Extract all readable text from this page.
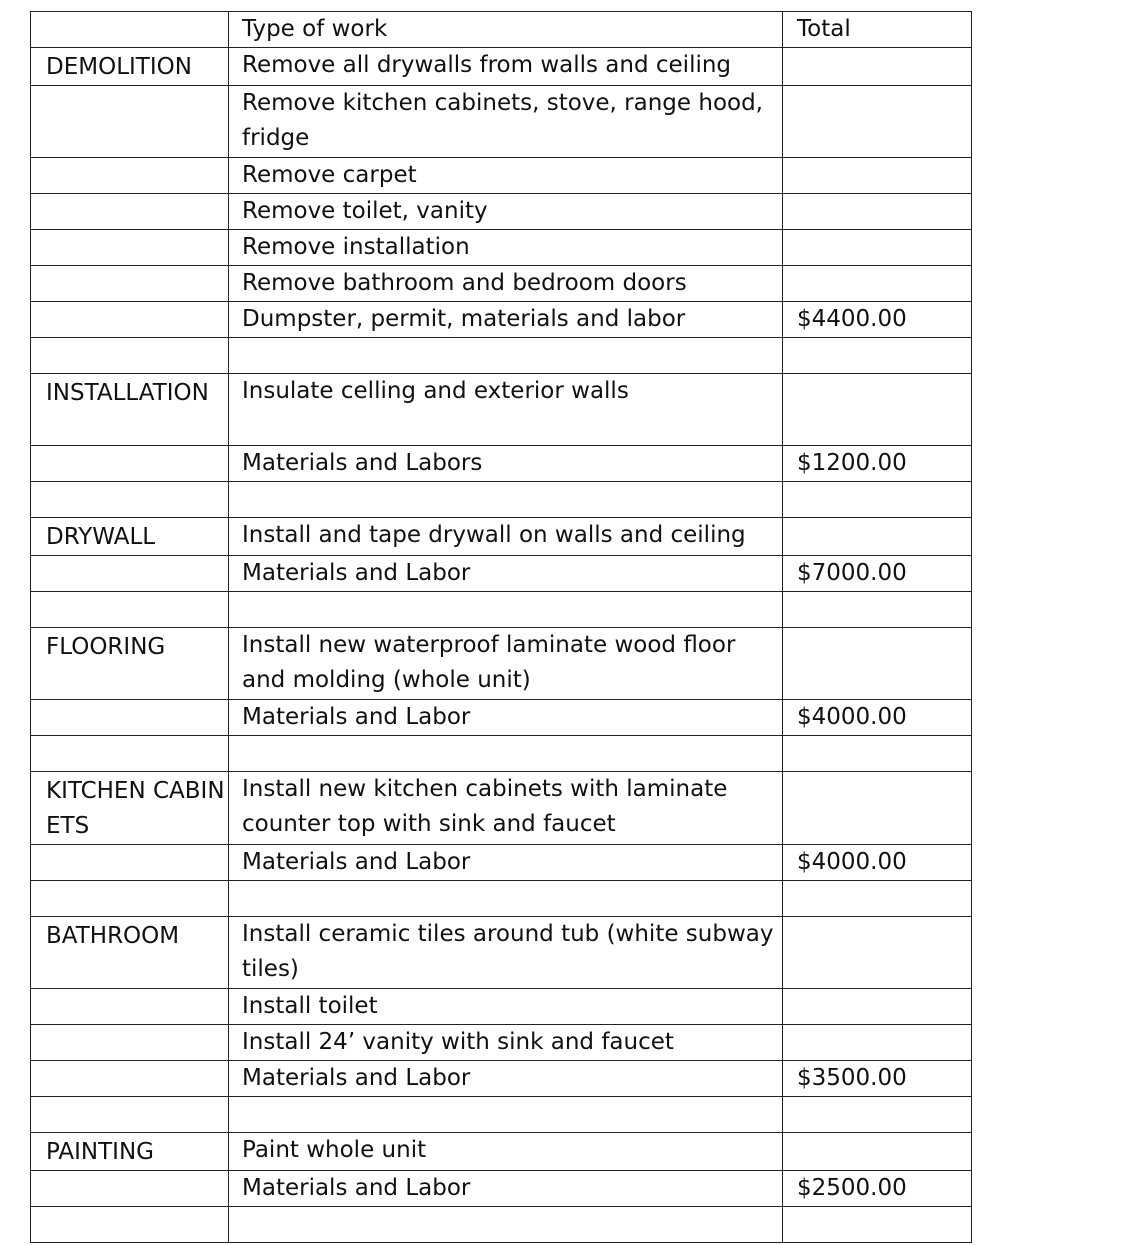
	Type of work	Total

DEMOLITION	Remove all drywalls from walls and ceiling	

	Remove kitchen cabinets, stove, range hood, fridge	

	Remove carpet	

	Remove toilet, vanity	

	Remove installation	

	Remove bathroom and bedroom doors	

	Dumpster, permit, materials and labor	$4400.00

INSTALLATION	Insulate celling and exterior walls	

	Materials and Labors	$1200.00

DRYWALL	Install and tape drywall on walls and ceiling	

	Materials and Labor	$7000.00

FLOORING	Install new waterproof laminate wood floor and molding (whole unit)	

	Materials and Labor	$4000.00

KITCHEN CABINETS	Install new kitchen cabinets with laminate counter top with sink and faucet	

	Materials and Labor	$4000.00

BATHROOM	Install ceramic tiles around tub (white subway tiles)	

	Install toilet	

	Install 24’ vanity with sink and faucet	

	Materials and Labor	$3500.00

PAINTING	Paint whole unit	

	Materials and Labor	$2500.00
